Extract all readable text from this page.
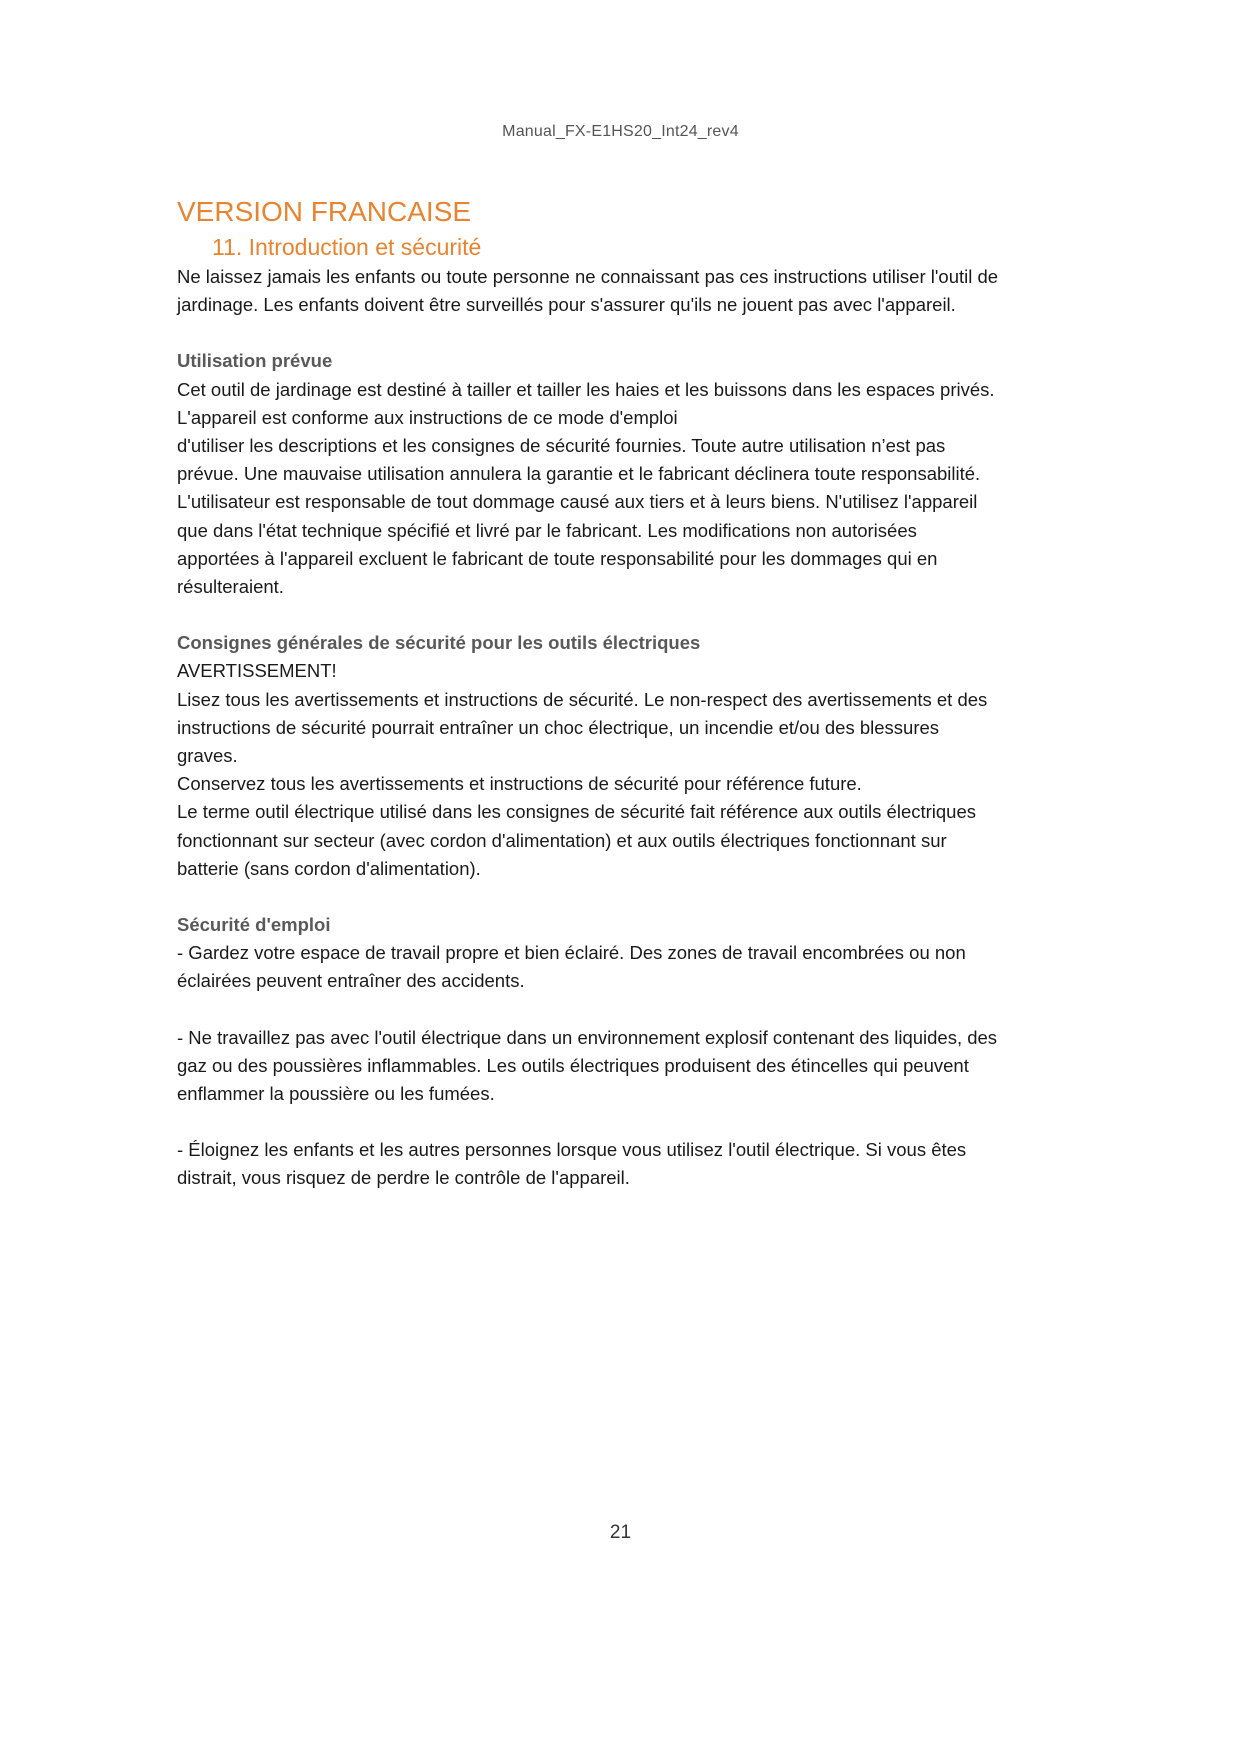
Manual_FX-E1HS20_Int24_rev4
VERSION FRANCAISE
11. Introduction et sécurité

Ne laissez jamais les enfants ou toute personne ne connaissant pas ces instructions utiliser l'outil de
jardinage. Les enfants doivent être surveillés pour s'assurer qu'ils ne jouent pas avec l'appareil.

Utilisation prévue

Cet outil de jardinage est destiné à tailler et tailler les haies et les buissons dans les espaces privés.
L'appareil est conforme aux instructions de ce mode d'emploi
d'utiliser les descriptions et les consignes de sécurité fournies. Toute autre utilisation n’est pas
prévue. Une mauvaise utilisation annulera la garantie et le fabricant déclinera toute responsabilité.
L'utilisateur est responsable de tout dommage causé aux tiers et à leurs biens. N'utilisez l'appareil
que dans l'état technique spécifié et livré par le fabricant. Les modifications non autorisées
apportées à l'appareil excluent le fabricant de toute responsabilité pour les dommages qui en
résulteraient.

Consignes générales de sécurité pour les outils électriques

AVERTISSEMENT!
Lisez tous les avertissements et instructions de sécurité. Le non-respect des avertissements et des
instructions de sécurité pourrait entraîner un choc électrique, un incendie et/ou des blessures
graves.
Conservez tous les avertissements et instructions de sécurité pour référence future.
Le terme outil électrique utilisé dans les consignes de sécurité fait référence aux outils électriques
fonctionnant sur secteur (avec cordon d'alimentation) et aux outils électriques fonctionnant sur
batterie (sans cordon d'alimentation).

Sécurité d'emploi

- Gardez votre espace de travail propre et bien éclairé. Des zones de travail encombrées ou non
éclairées peuvent entraîner des accidents.

- Ne travaillez pas avec l'outil électrique dans un environnement explosif contenant des liquides, des
gaz ou des poussières inflammables. Les outils électriques produisent des étincelles qui peuvent
enflammer la poussière ou les fumées.

- Éloignez les enfants et les autres personnes lorsque vous utilisez l'outil électrique. Si vous êtes
distrait, vous risquez de perdre le contrôle de l'appareil.

21
